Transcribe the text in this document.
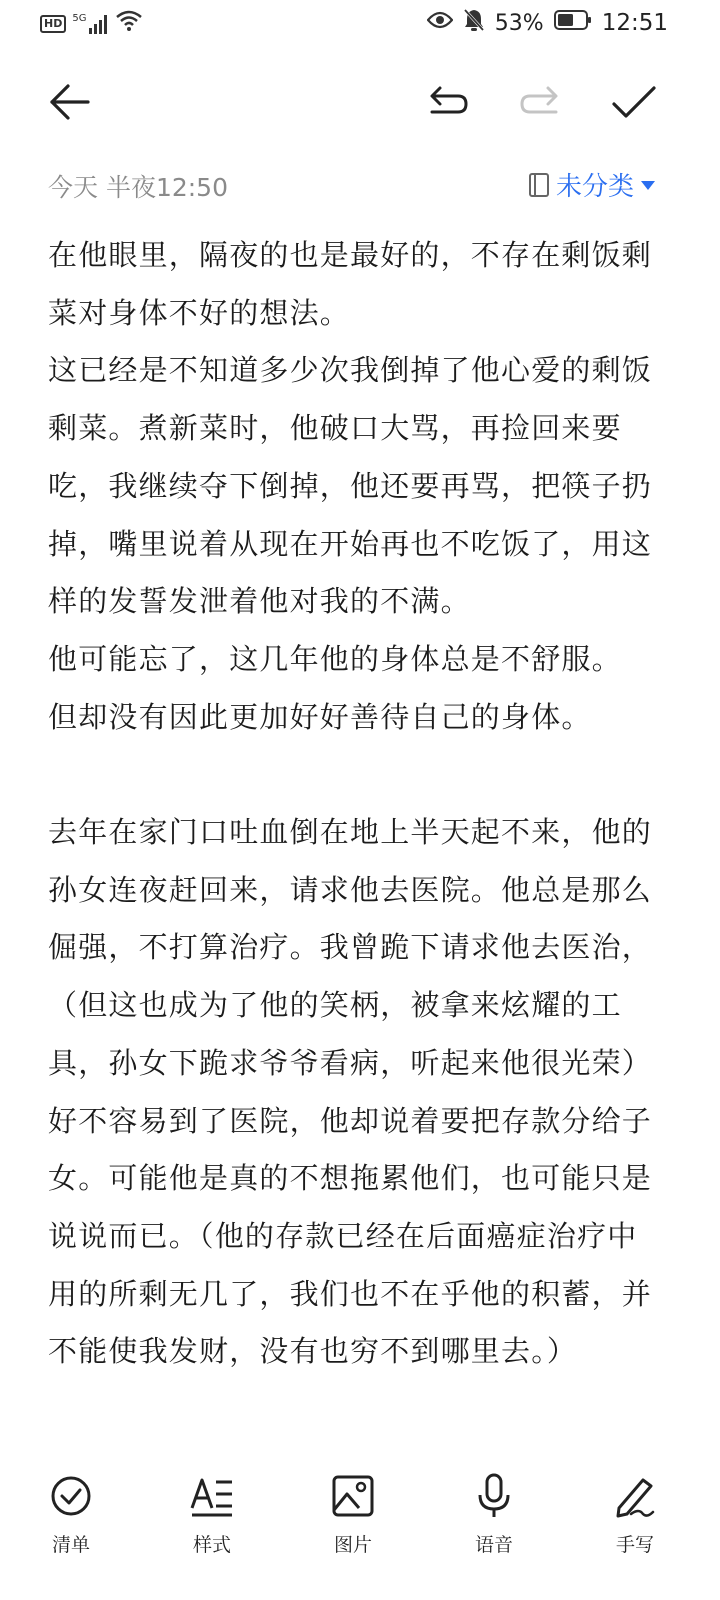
HD	5G	53%	12:51
今天 半夜12:50	未分类

在他眼里，隔夜的也是最好的，不存在剩饭剩菜对身体不好的想法。

这已经是不知道多少次我倒掉了他心爱的剩饭剩菜。煮新菜时，他破口大骂，再捡回来要吃，我继续夺下倒掉，他还要再骂，把筷子扔掉，嘴里说着从现在开始再也不吃饭了，用这样的发誓发泄着他对我的不满。

他可能忘了，这几年他的身体总是不舒服。

但却没有因此更加好好善待自己的身体。

去年在家门口吐血倒在地上半天起不来，他的孙女连夜赶回来，请求他去医院。他总是那么倔强，不打算治疗。我曾跪下请求他去医治，（但这也成为了他的笑柄，被拿来炫耀的工具，孙女下跪求爷爷看病，听起来他很光荣）

好不容易到了医院，他却说着要把存款分给子女。可能他是真的不想拖累他们，也可能只是说说而已。（他的存款已经在后面癌症治疗中用的所剩无几了，我们也不在乎他的积蓄，并不能使我发财，没有也穷不到哪里去。）

清单	样式	图片	语音	手写
